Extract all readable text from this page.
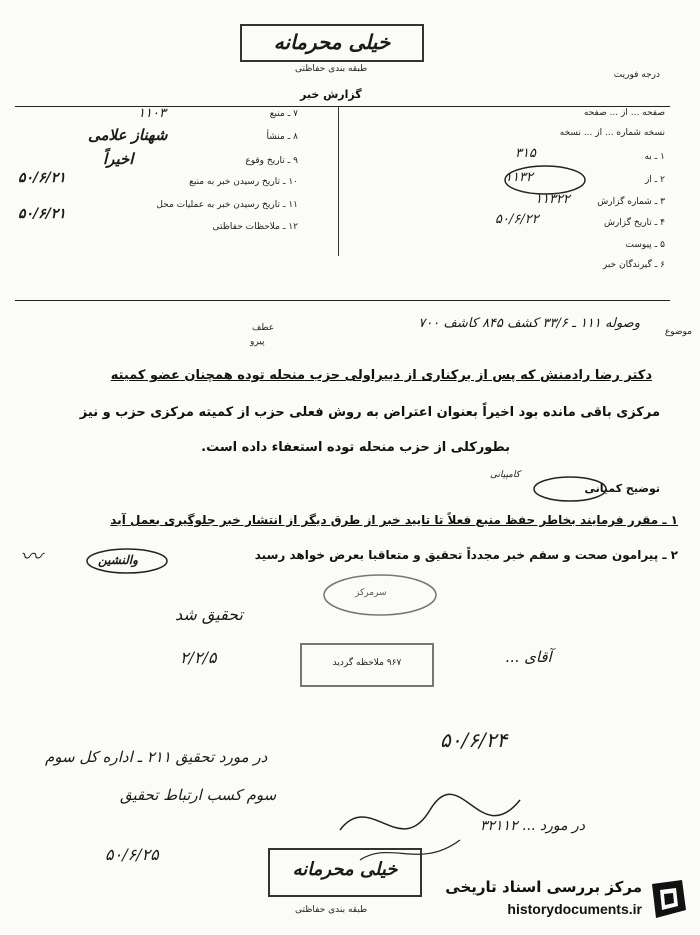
خیلی محرمانه
طبقه بندی حفاظتی
درجه فوریت
گزارش خبر
۷ ـ منبع
۱۱۰۳
۸ ـ منشأ
شهناز علامی
۹ ـ تاریخ وقوع
اخیراً
۱۰ ـ تاریخ رسیدن خبر به منبع
۵۰/۶/۲۱
۱۱ ـ تاریخ رسیدن خبر به عملیات محل
۵۰/۶/۲۱
۱۲ ـ ملاحظات حفاظتی
صفحه ... از ... صفحه
نسخه شماره ... از ... نسخه
۱ ـ به
۳۱۵
۲ ـ از
۱۱۳۲
۳ ـ شماره گزارش
۱۱۳۲۲
۴ ـ تاریخ گزارش
۵۰/۶/۲۲
۵ ـ پیوست
۶ ـ گیرندگان خبر
موضوع
وصوله ۱۱۱ ـ ۳۳/۶ کشف ۸۴۵ کاشف ۷۰۰
عطف
پیرو
دکتر رضا رادمنش که پس از برکناری از دبیراولی حزب منحله توده همچنان عضو کمیته
مرکزی باقی مانده بود اخیراً بعنوان اعتراض به روش فعلی حزب از کمیته مرکزی حزب و نیز
بطورکلی از حزب منحله توده استعفاء داده است.
توضیح کمیانی
کامپیانی
۱ ـ مقرر فرمایند بخاطر حفظ منبع فعلاً تا تایید خبر از طرق دیگر از انتشار خبر جلوگیری بعمل آید
۲ ـ پیرامون صحت و سقم خبر مجدداً تحقیق و متعاقبا بعرض خواهد رسید
والنشین
〰
سرمرکز
تحقیق شد
۲/۲/۵	۹۶۷ ملاحظه گردید	آقای ...
۵۰/۶/۲۴
در مورد تحقیق ۲۱۱ ـ اداره کل سوم
سوم کسب ارتباط تحقیق
۵۰/۶/۲۵
در مورد ... ۳۲۱۱۲
خیلی محرمانه
طبقه بندی حفاظتی
مرکز بررسی اسناد تاریخی
historydocuments.ir
